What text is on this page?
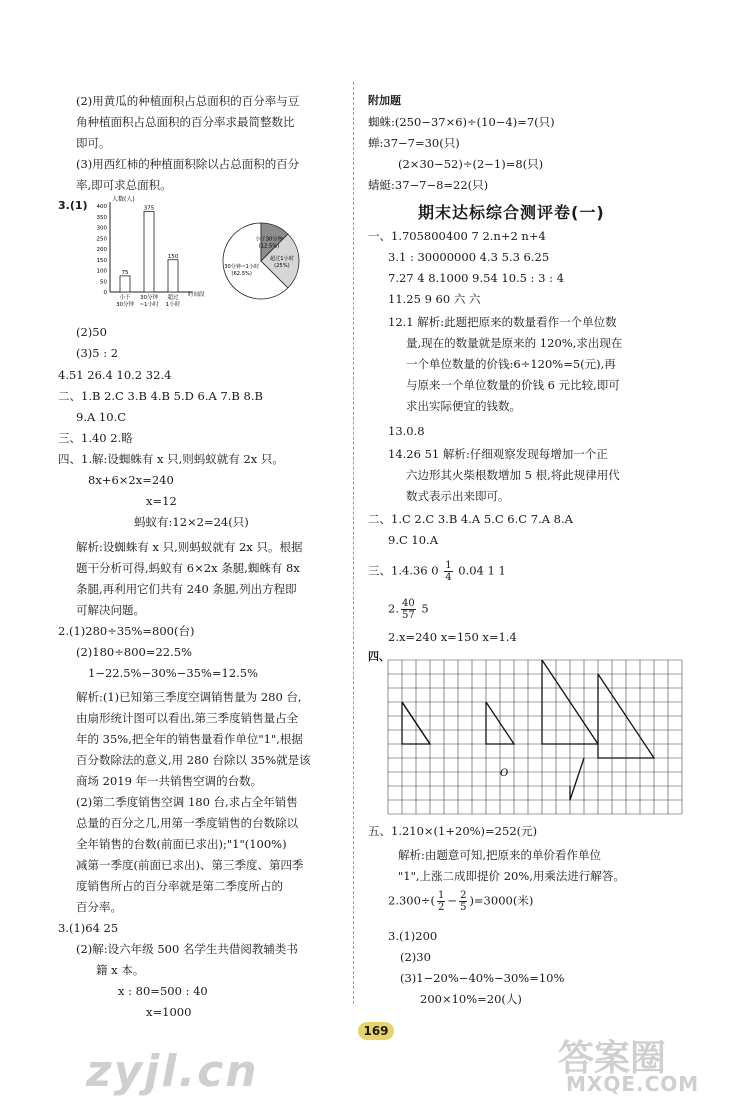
(2)用黄瓜的种植面积占总面积的百分率与豆
角种植面积占总面积的百分率求最简整数比
即可。
(3)用西红柿的种植面积除以占总面积的百分
率,即可求总面积。
(2)50
(3)5 : 2
二、1.B 2.C 3.B 4.B 5.D 6.A 7.B 8.B
9.A 10.C
三、1.40 2.略
四、1.解:设蜘蛛有 x 只,则蚂蚁就有 2x 只。
8x+6×2x=240
x=12
蚂蚁有:12×2=24(只)
解析:设蜘蛛有 x 只,则蚂蚁就有 2x 只。根据
题干分析可得,蚂蚁有 6×2x 条腿,蜘蛛有 8x
条腿,再利用它们共有 240 条腿,列出方程即
可解决问题。
2.(1)280÷35%=800(台)
(2)180÷800=22.5%
1−22.5%−30%−35%=12.5%
解析:(1)已知第三季度空调销售量为 280 台,
由扇形统计图可以看出,第三季度销售量占全
年的 35%,把全年的销售量看作单位"1",根据
百分数除法的意义,用 280 台除以 35%就是该
商场 2019 年一共销售空调的台数。
(2)第二季度销售空调 180 台,求占全年销售
总量的百分之几,用第一季度销售的台数除以
全年销售的台数(前面已求出);"1"(100%)
减第一季度(前面已求出)、第三季度、第四季
度销售所占的百分率就是第二季度所占的
百分率。
3.(1)64 25
(2)解:设六年级 500 名学生共借阅教辅类书
籍 x 本。
x : 80=500 : 40
x=1000
4.51 26.4 10.2 32.4
附加题
蜘蛛:(250−37×6)÷(10−4)=7(只)
蝉:37−7=30(只)
(2×30−52)÷(2−1)=8(只)
蜻蜓:37−7−8=22(只)
一、1.705800400 7 2.n+2 n+4
3.1 : 30000000 4.3 5.3 6.25
7.27 4 8.1000 9.54 10.5 : 3 : 4
11.25 9 60 六 六
12.1 解析:此题把原来的数量看作一个单位数
量,现在的数量就是原来的 120%,求出现在
一个单位数量的价钱:6÷120%=5(元),再
与原来一个单位数量的价钱 6 元比较,即可
求出实际便宜的钱数。
13.0.8
14.26 51 解析:仔细观察发现每增加一个正
六边形其火柴根数增加 5 根,将此规律用代
数式表示出来即可。
二、1.C 2.C 3.B 4.A 5.C 6.C 7.A 8.A
9.C 10.A
2.x=240 x=150 x=1.4
五、1.210×(1+20%)=252(元)
解析:由题意可知,把原来的单价看作单位
"1",上涨二成即提价 20%,用乘法进行解答。
3.(1)200
(2)30
(3)1−20%−40%−30%=10%
200×10%=20(人)
期末达标综合测评卷(一)
3.(1)
0
50
100
150
200
250
300
350
400
人数(人)
时间段
75
小于
30分钟
375
30分钟
~1小时
150
超过
1小时
30分钟~1小时
(62.5%)
小于30分钟
(12.5%)
超过1小时
(25%)
三、1.4.36 $0 \frac{1}{4} 0.04$ 1 1
2. $\frac{40}{57} 5$
四、
O
$2.300\div( \frac{1}{2} - \frac{2}{5} )=3000$(米)
169
zyjl.cn	答案圈
MXQE.COM
